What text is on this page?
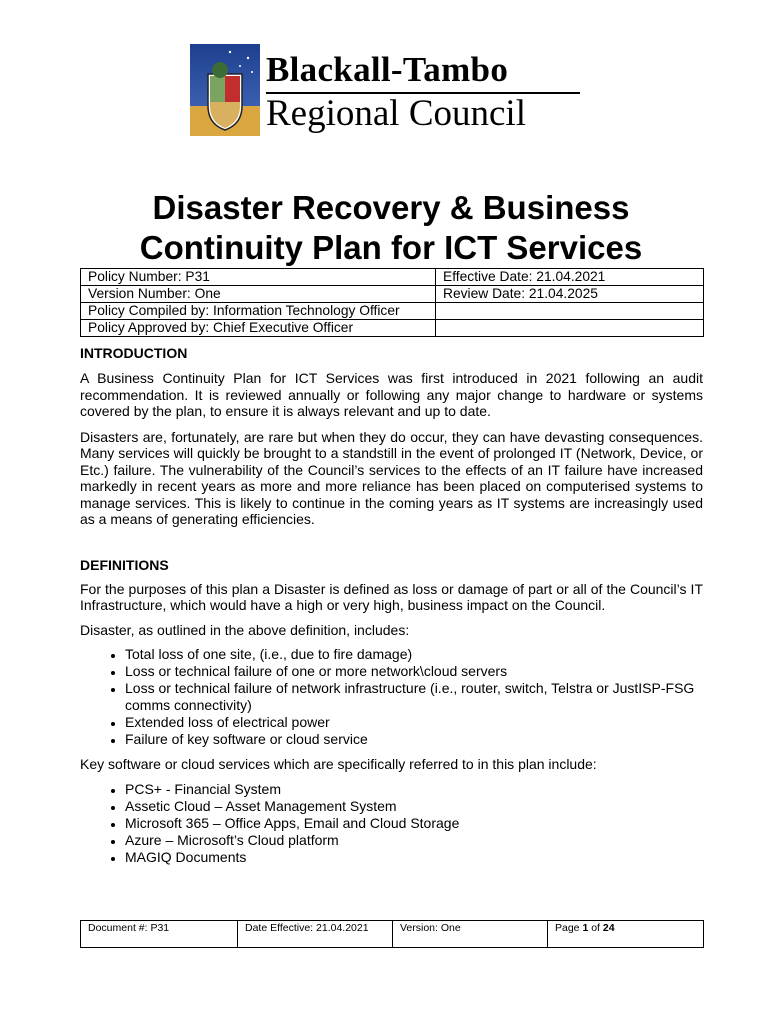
Blackall-Tambo
Regional Council
Disaster Recovery & Business
Continuity Plan for ICT Services
Policy Number: P31	Effective Date: 21.04.2021
Version Number: One	Review Date: 21.04.2025
Policy Compiled by: Information Technology Officer	
Policy Approved by: Chief Executive Officer	
INTRODUCTION

A Business Continuity Plan for ICT Services was first introduced in 2021 following an audit recommendation. It is reviewed annually or following any major change to hardware or systems covered by the plan, to ensure it is always relevant and up to date.

Disasters are, fortunately, are rare but when they do occur, they can have devasting consequences. Many services will quickly be brought to a standstill in the event of prolonged IT (Network, Device, or Etc.) failure. The vulnerability of the Council’s services to the effects of an IT failure have increased markedly in recent years as more and more reliance has been placed on computerised systems to manage services. This is likely to continue in the coming years as IT systems are increasingly used as a means of generating efficiencies.

DEFINITIONS

For the purposes of this plan a Disaster is defined as loss or damage of part or all of the Council’s IT Infrastructure, which would have a high or very high, business impact on the Council.

Disaster, as outlined in the above definition, includes:

• Total loss of one site, (i.e., due to fire damage)
• Loss or technical failure of one or more network\cloud servers
• Loss or technical failure of network infrastructure (i.e., router, switch, Telstra or JustISP-FSG comms connectivity)
• Extended loss of electrical power
• Failure of key software or cloud service

Key software or cloud services which are specifically referred to in this plan include:

• PCS+ - Financial System
• Assetic Cloud – Asset Management System
• Microsoft 365 – Office Apps, Email and Cloud Storage
• Azure – Microsoft’s Cloud platform
• MAGIQ Documents
Document #: P31	Date Effective: 21.04.2021	Version: One	Page 1 of 24
